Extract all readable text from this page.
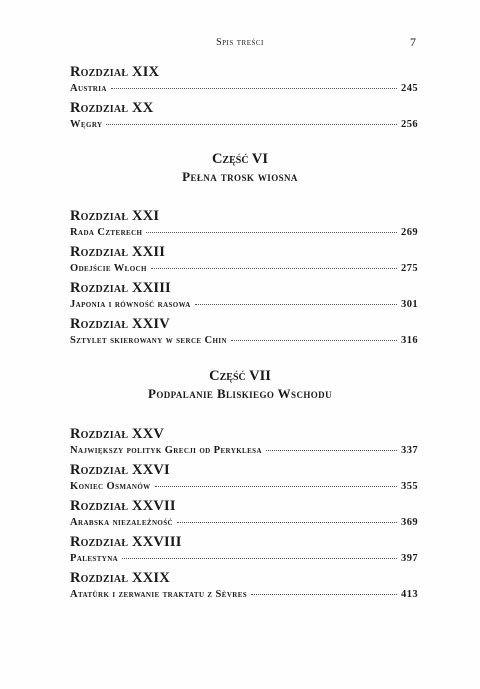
Spis treści	7
Rozdział XIX
Austria	245
Rozdział XX
Węgry	256
Część VI
Pełna trosk wiosna
Rozdział XXI
Rada Czterech	269
Rozdział XXII
Odejście Włoch	275
Rozdział XXIII
Japonia i równość rasowa	301
Rozdział XXIV
Sztylet skierowany w serce Chin	316
Część VII
Podpalanie Bliskiego Wschodu
Rozdział XXV
Największy polityk Grecji od Peryklesa	337
Rozdział XXVI
Koniec Osmanów	355
Rozdział XXVII
Arabska niezależność	369
Rozdział XXVIII
Palestyna	397
Rozdział XXIX
Atatürk i zerwanie traktatu z Sèvres	413
